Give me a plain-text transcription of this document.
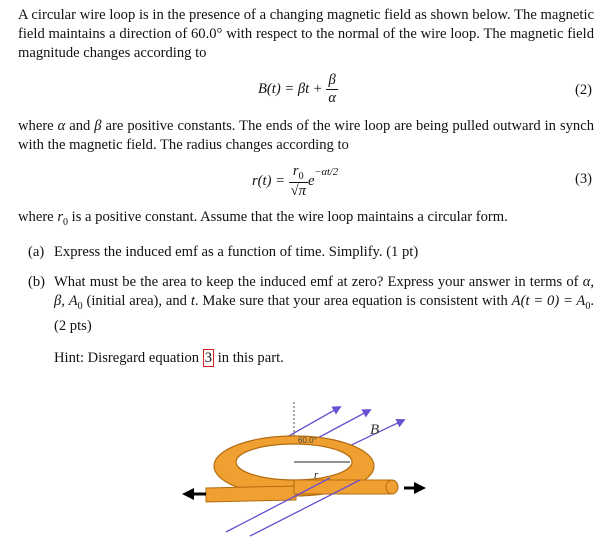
A circular wire loop is in the presence of a changing magnetic field as shown below. The magnetic field maintains a direction of 60.0° with respect to the normal of the wire loop. The magnetic field magnitude changes according to
$B(t) = \beta t + \frac{\beta}{\alpha}$	(2)
where α and β are positive constants. The ends of the wire loop are being pulled outward in synch with the magnetic field. The radius changes according to
$r(t) = \frac{r_0}{√\pi} e^{-\alpha t/2}$	(3)
where $r_0$ is a positive constant. Assume that the wire loop maintains a circular form.
(a) Express the induced emf as a function of time. Simplify. (1 pt)
(b) What must be the area to keep the induced emf at zero? Express your answer in terms of α, β, $A_0$ (initial area), and t. Make sure that your area equation is consistent with $A(t = 0) = A_0$. (2 pts)
Hint: Disregard equation 3 in this part.
r
60.0°
B
